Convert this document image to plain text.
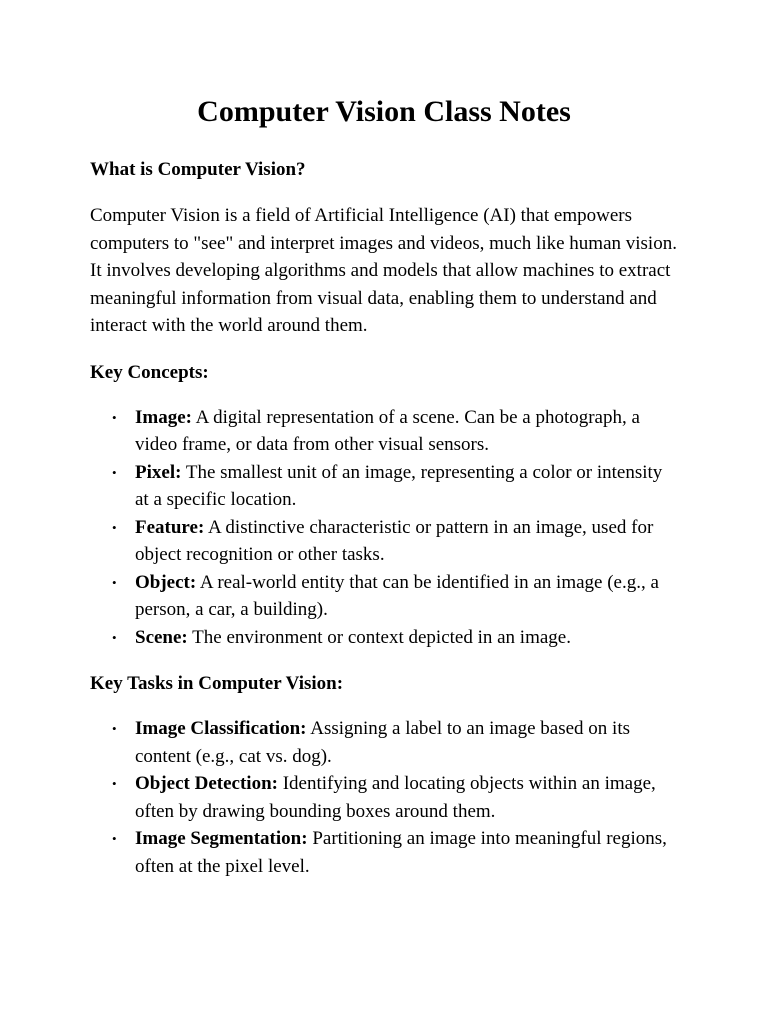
Computer Vision Class Notes
What is Computer Vision?

Computer Vision is a field of Artificial Intelligence (AI) that empowers computers to "see" and interpret images and videos, much like human vision. It involves developing algorithms and models that allow machines to extract meaningful information from visual data, enabling them to understand and interact with the world around them.

Key Concepts:
• Image: A digital representation of a scene. Can be a photograph, a video frame, or data from other visual sensors.
• Pixel: The smallest unit of an image, representing a color or intensity at a specific location.
• Feature: A distinctive characteristic or pattern in an image, used for object recognition or other tasks.
• Object: A real-world entity that can be identified in an image (e.g., a person, a car, a building).
• Scene: The environment or context depicted in an image.
Key Tasks in Computer Vision:
• Image Classification: Assigning a label to an image based on its content (e.g., cat vs. dog).
• Object Detection: Identifying and locating objects within an image, often by drawing bounding boxes around them.
• Image Segmentation: Partitioning an image into meaningful regions, often at the pixel level.
